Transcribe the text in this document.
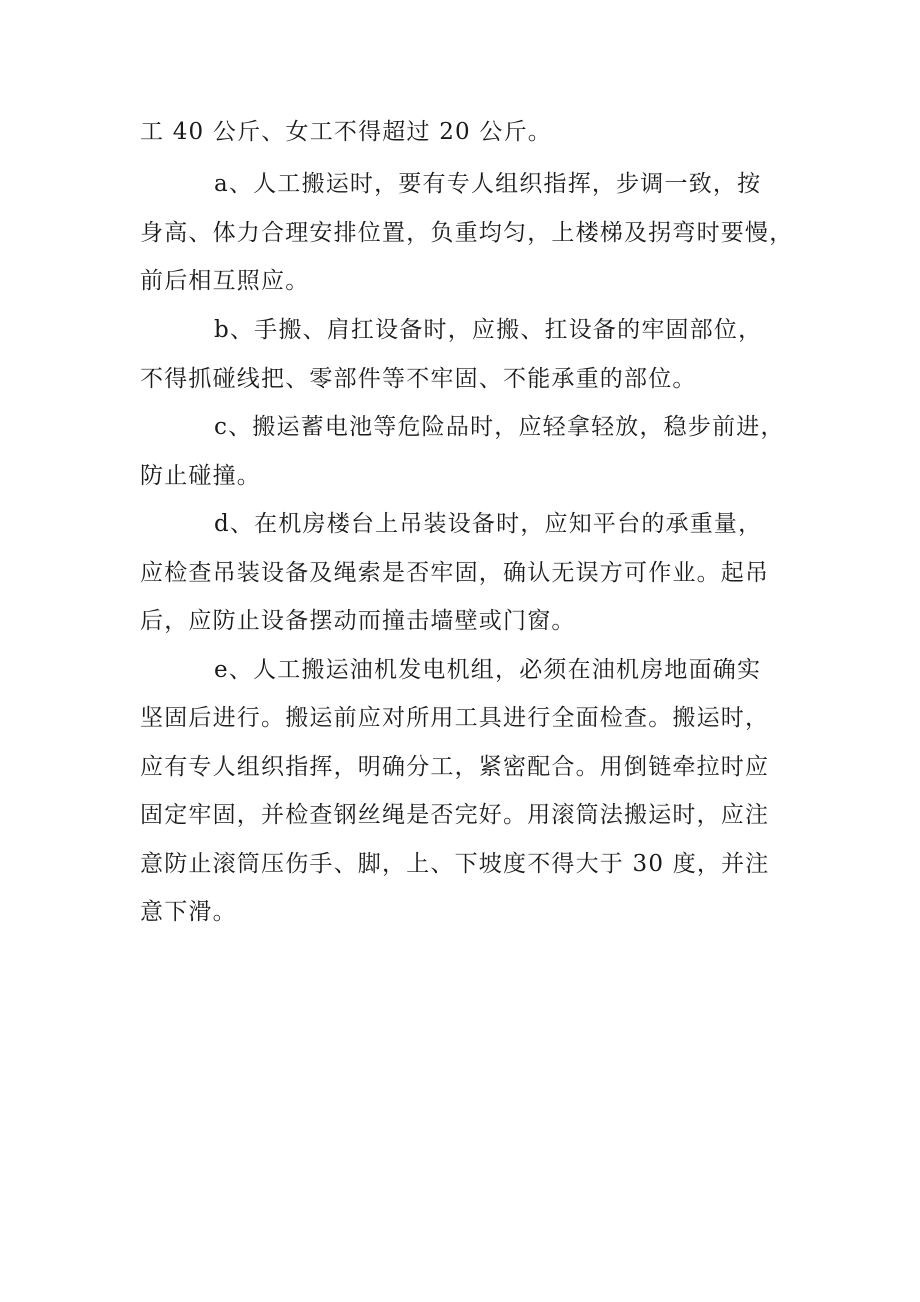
工 40 公斤、女工不得超过 20 公斤。
a、人工搬运时，要有专人组织指挥，步调一致，按
身高、体力合理安排位置，负重均匀，上楼梯及拐弯时要慢，
前后相互照应。
b、手搬、肩扛设备时，应搬、扛设备的牢固部位，
不得抓碰线把、零部件等不牢固、不能承重的部位。
c、搬运蓄电池等危险品时，应轻拿轻放，稳步前进，
防止碰撞。
d、在机房楼台上吊装设备时，应知平台的承重量，
应检查吊装设备及绳索是否牢固，确认无误方可作业。起吊
后，应防止设备摆动而撞击墙壁或门窗。
e、人工搬运油机发电机组，必须在油机房地面确实
坚固后进行。搬运前应对所用工具进行全面检查。搬运时，
应有专人组织指挥，明确分工，紧密配合。用倒链牵拉时应
固定牢固，并检查钢丝绳是否完好。用滚筒法搬运时，应注
意防止滚筒压伤手、脚，上、下坡度不得大于 30 度，并注
意下滑。
